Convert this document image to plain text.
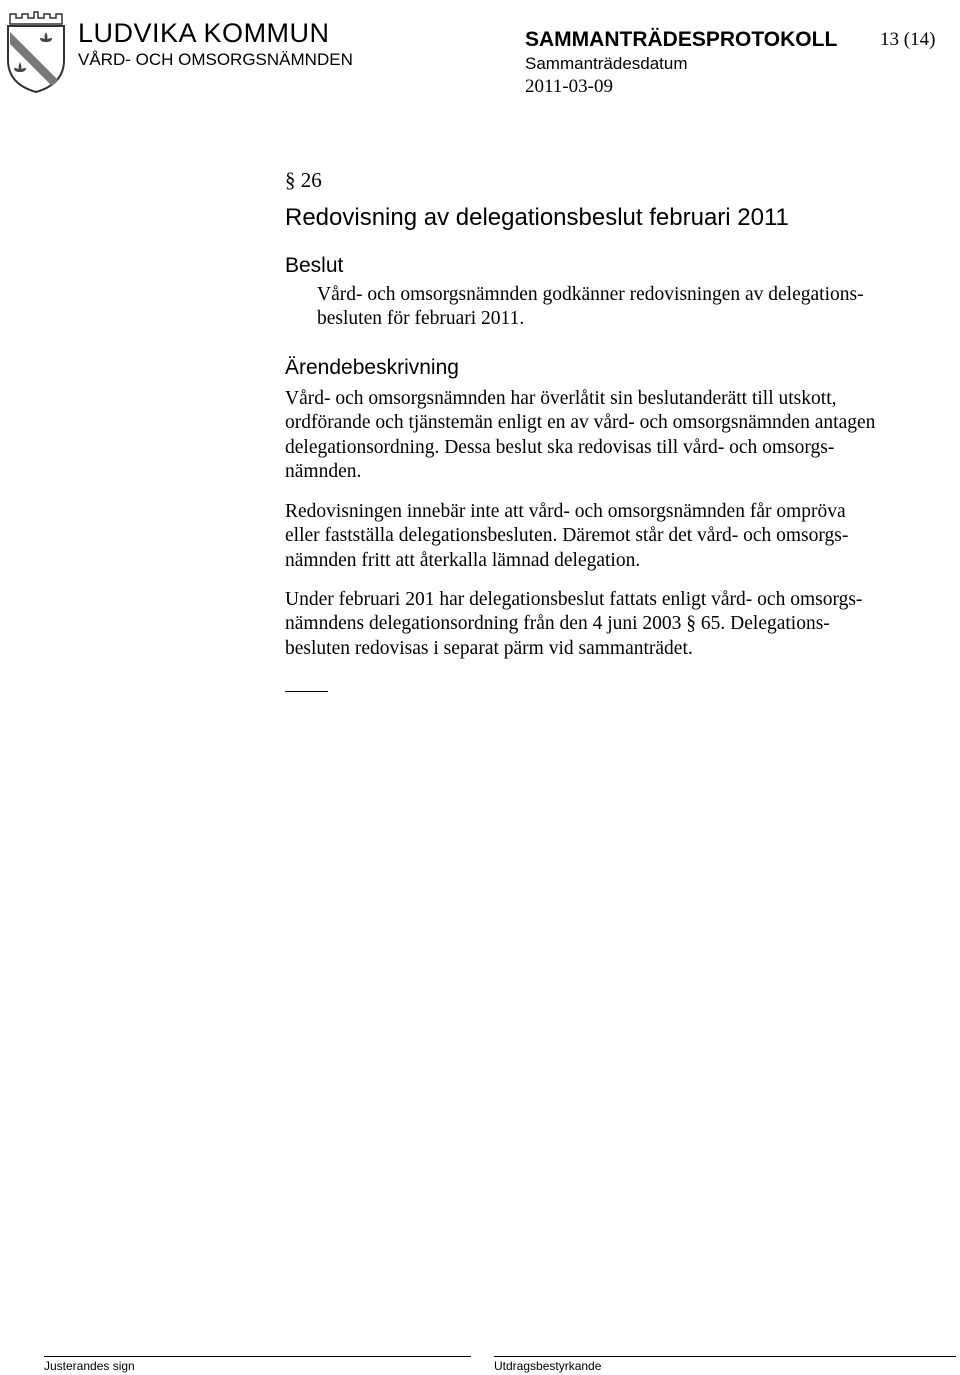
LUDVIKA KOMMUN
VÅRD- OCH OMSORGSNÄMNDEN
SAMMANTRÄDESPROTOKOLL 13 (14)
Sammanträdesdatum
2011-03-09
§ 26
Redovisning av delegationsbeslut februari 2011
Beslut
Vård- och omsorgsnämnden godkänner redovisningen av delegations-
besluten för februari 2011.
Ärendebeskrivning
Vård- och omsorgsnämnden har överlåtit sin beslutanderätt till utskott,
ordförande och tjänstemän enligt en av vård- och omsorgsnämnden antagen
delegationsordning. Dessa beslut ska redovisas till vård- och omsorgs-
nämnden.
Redovisningen innebär inte att vård- och omsorgsnämnden får ompröva
eller fastställa delegationsbesluten. Däremot står det vård- och omsorgs-
nämnden fritt att återkalla lämnad delegation.
Under februari 201 har delegationsbeslut fattats enligt vård- och omsorgs-
nämndens delegationsordning från den 4 juni 2003 § 65. Delegations-
besluten redovisas i separat pärm vid sammanträdet.
Justerandes sign	Utdragsbestyrkande
